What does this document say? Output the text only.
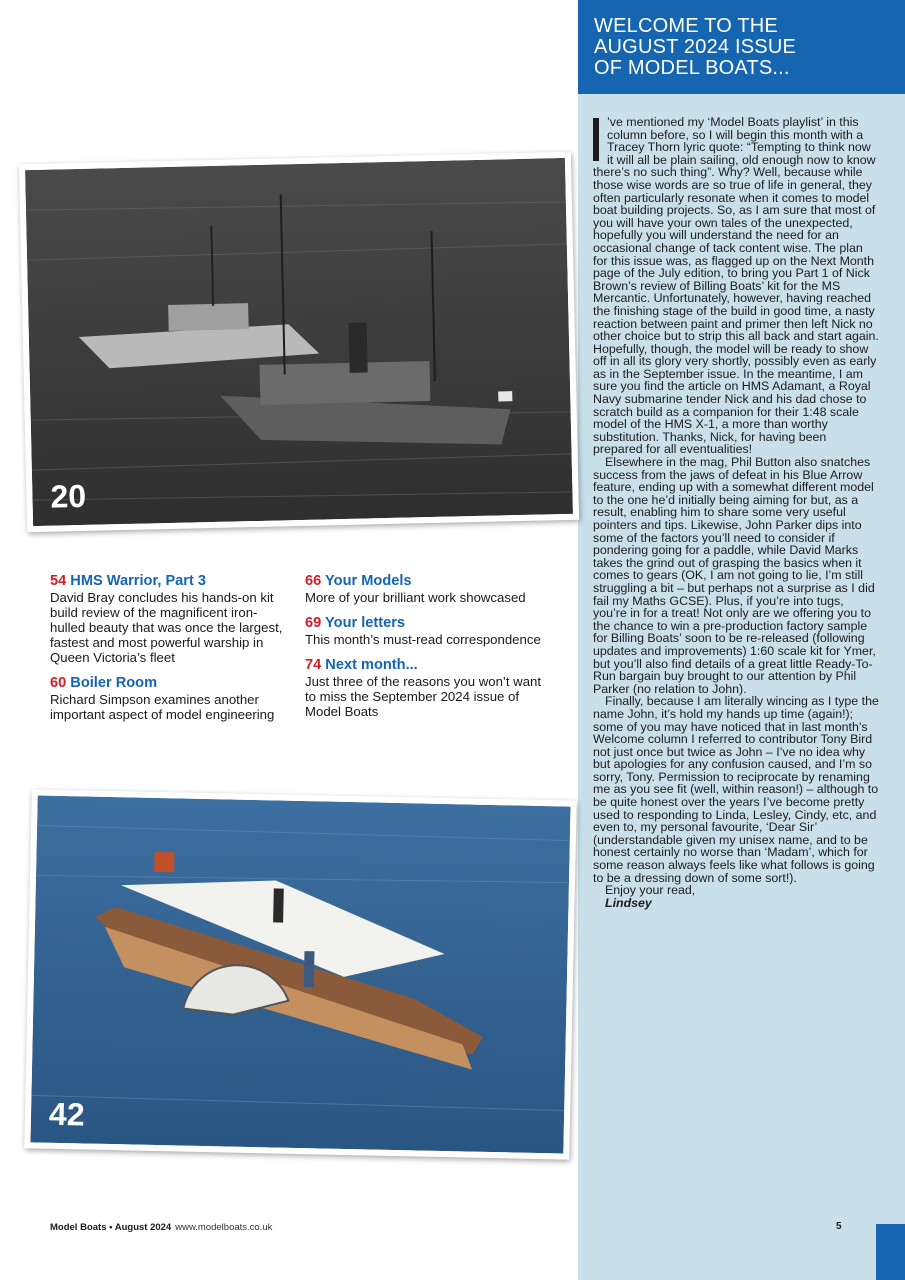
WELCOME TO THE
AUGUST 2024 ISSUE
OF MODEL BOATS...

’ve mentioned my ‘Model Boats playlist’ in this column before, so I will begin this month with a Tracey Thorn lyric quote: “Tempting to think now it will all be plain sailing, old enough now to know there’s no such thing”. Why? Well, because while those wise words are so true of life in general, they often particularly resonate when it comes to model boat building projects. So, as I am sure that most of you will have your own tales of the unexpected, hopefully you will understand the need for an occasional change of tack content wise. The plan for this issue was, as flagged up on the Next Month page of the July edition, to bring you Part 1 of Nick Brown’s review of Billing Boats’ kit for the MS Mercantic. Unfortunately, however, having reached the finishing stage of the build in good time, a nasty reaction between paint and primer then left Nick no other choice but to strip this all back and start again. Hopefully, though, the model will be ready to show off in all its glory very shortly, possibly even as early as in the September issue. In the meantime, I am sure you find the article on HMS Adamant, a Royal Navy submarine tender Nick and his dad chose to scratch build as a companion for their 1:48 scale model of the HMS X-1, a more than worthy substitution. Thanks, Nick, for having been prepared for all eventualities!

Elsewhere in the mag, Phil Button also snatches success from the jaws of defeat in his Blue Arrow feature, ending up with a somewhat different model to the one he’d initially being aiming for but, as a result, enabling him to share some very useful pointers and tips. Likewise, John Parker dips into some of the factors you’ll need to consider if pondering going for a paddle, while David Marks takes the grind out of grasping the basics when it comes to gears (OK, I am not going to lie, I’m still struggling a bit – but perhaps not a surprise as I did fail my Maths GCSE). Plus, if you’re into tugs, you’re in for a treat! Not only are we offering you to the chance to win a pre-production factory sample for Billing Boats’ soon to be re-released (following updates and improvements) 1:60 scale kit for Ymer, but you’ll also find details of a great little Ready-To-Run bargain buy brought to our attention by Phil Parker (no relation to John).

Finally, because I am literally wincing as I type the name John, it’s hold my hands up time (again!); some of you may have noticed that in last month’s Welcome column I referred to contributor Tony Bird not just once but twice as John – I’ve no idea why but apologies for any confusion caused, and I’m so sorry, Tony. Permission to reciprocate by renaming me as you see fit (well, within reason!) – although to be quite honest over the years I’ve become pretty used to responding to Linda, Lesley, Cindy, etc, and even to, my personal favourite, ‘Dear Sir’ (understandable given my unisex name, and to be honest certainly no worse than ‘Madam’, which for some reason always feels like what follows is going to be a dressing down of some sort!).

Enjoy your read,

Lindsey

20
54 HMS Warrior, Part 3
David Bray concludes his hands-on kit build review of the magnificent iron-hulled beauty that was once the largest, fastest and most powerful warship in Queen Victoria’s fleet
60 Boiler Room
Richard Simpson examines another important aspect of model engineering
66 Your Models
More of your brilliant work showcased
69 Your letters
This month’s must-read correspondence
74 Next month...
Just three of the reasons you won’t want to miss the September 2024 issue of Model Boats
42
Model Boats • August 2024 www.modelboats.co.uk	5
